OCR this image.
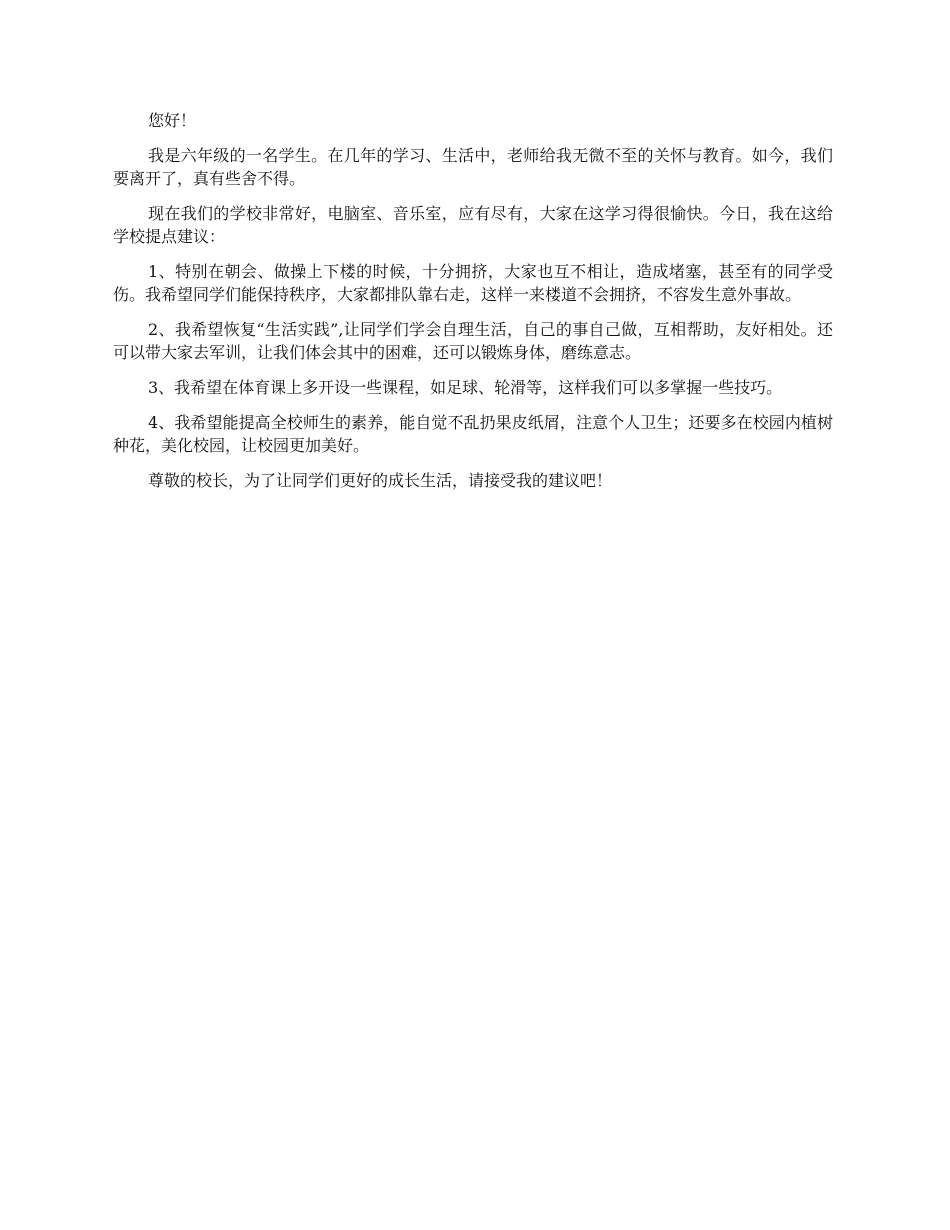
您好！

我是六年级的一名学生。在几年的学习、生活中，老师给我无微不至的关怀与教育。如今，我们要离开了，真有些舍不得。

现在我们的学校非常好，电脑室、音乐室，应有尽有，大家在这学习得很愉快。今日，我在这给学校提点建议：

1、特别在朝会、做操上下楼的时候，十分拥挤，大家也互不相让，造成堵塞，甚至有的同学受伤。我希望同学们能保持秩序，大家都排队靠右走，这样一来楼道不会拥挤，不容发生意外事故。

2、我希望恢复“生活实践”,让同学们学会自理生活，自己的事自己做，互相帮助，友好相处。还可以带大家去军训，让我们体会其中的困难，还可以锻炼身体，磨练意志。

3、我希望在体育课上多开设一些课程，如足球、轮滑等，这样我们可以多掌握一些技巧。

4、我希望能提高全校师生的素养，能自觉不乱扔果皮纸屑，注意个人卫生；还要多在校园内植树种花，美化校园，让校园更加美好。

尊敬的校长，为了让同学们更好的成长生活，请接受我的建议吧！
